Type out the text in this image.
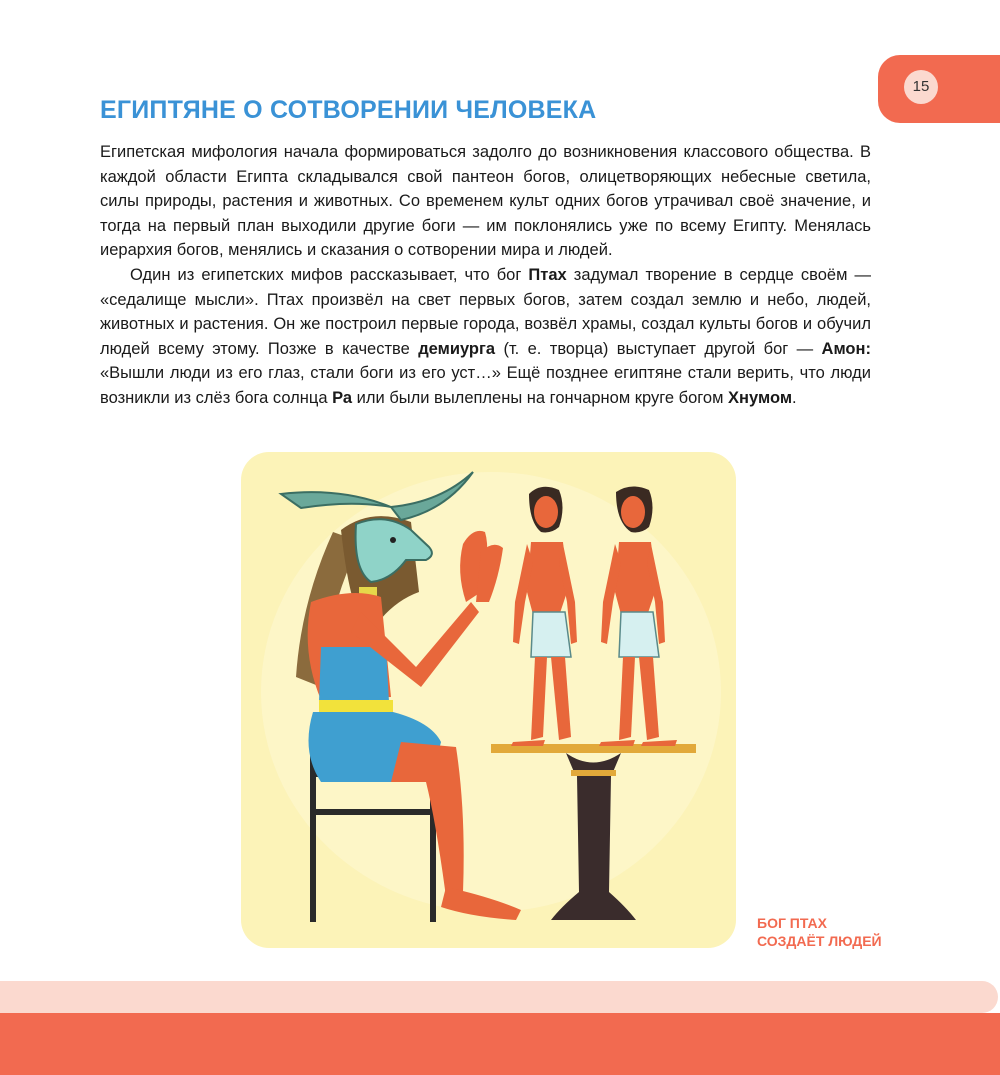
15
ЕГИПТЯНЕ О СОТВОРЕНИИ ЧЕЛОВЕКА

Египетская мифология начала формироваться задолго до возникновения классового общества. В каждой области Египта складывался свой пантеон богов, олицетворяющих небесные светила, силы природы, растения и животных. Со временем культ одних богов утрачивал своё значение, и тогда на первый план выходили другие боги — им поклонялись уже по всему Египту. Менялась иерархия богов, менялись и сказания о сотворении мира и людей.

Один из египетских мифов рассказывает, что бог Птах задумал творение в сердце своём — «седалище мысли». Птах произвёл на свет первых богов, затем создал землю и небо, людей, животных и растения. Он же построил первые города, возвёл храмы, создал культы богов и обучил людей всему этому. Позже в качестве демиурга (т. е. творца) выступает другой бог — Амон: «Вышли люди из его глаз, стали боги из его уст…» Ещё позднее египтяне стали верить, что люди возникли из слёз бога солнца Ра или были вылеплены на гончарном круге богом Хнумом.

БОГ ПТАХ
СОЗДАЁТ ЛЮДЕЙ
